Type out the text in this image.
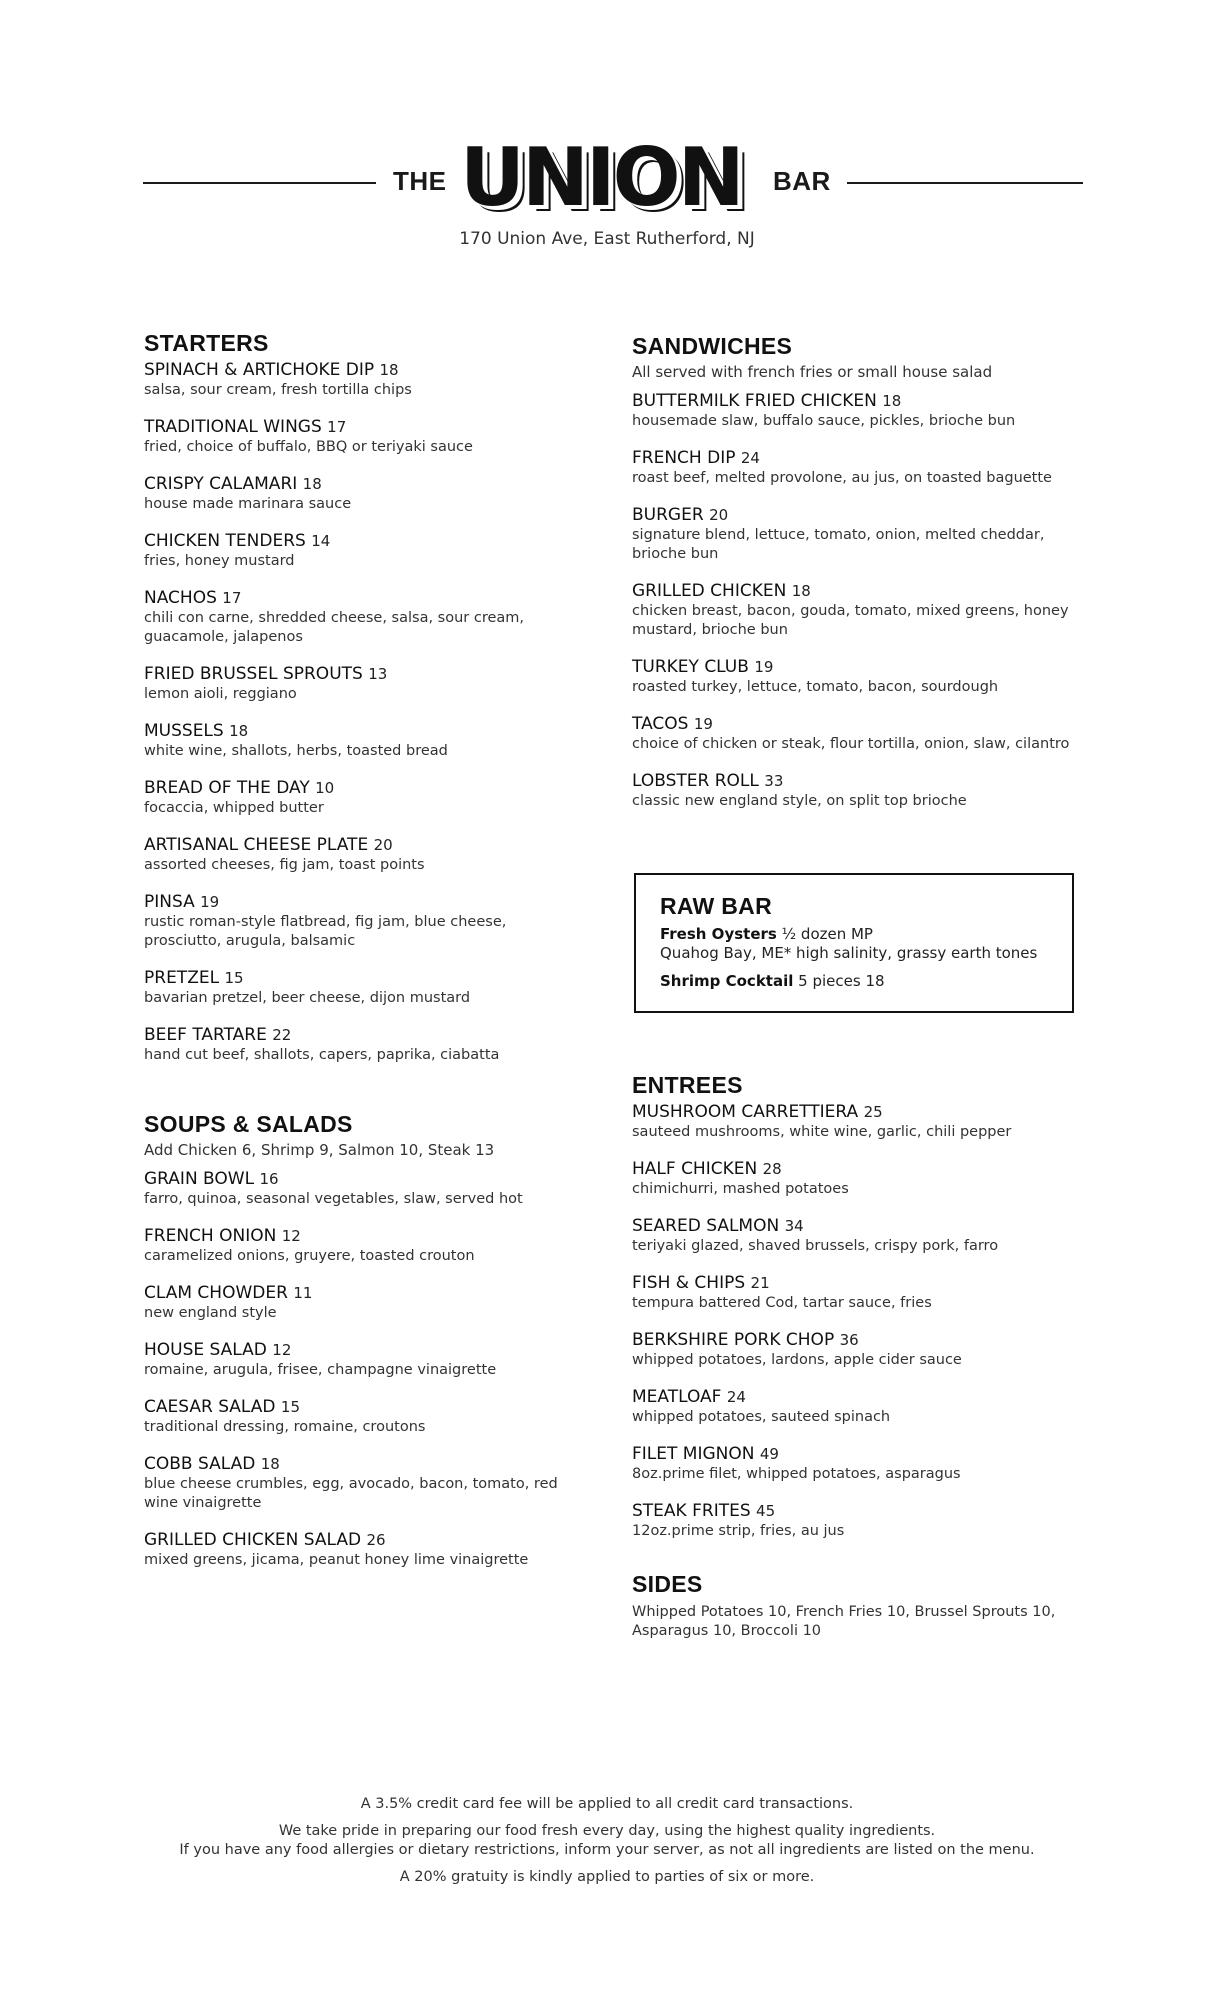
THE UNION	BAR
170 Union Ave, East Rutherford, NJ
STARTERS
SPINACH & ARTICHOKE DIP 18
salsa, sour cream, fresh tortilla chips
TRADITIONAL WINGS 17
fried, choice of buffalo, BBQ or teriyaki sauce
CRISPY CALAMARI 18
house made marinara sauce
CHICKEN TENDERS 14
fries, honey mustard
NACHOS 17
chili con carne, shredded cheese, salsa, sour cream, guacamole, jalapenos
FRIED BRUSSEL SPROUTS 13
lemon aioli, reggiano
MUSSELS 18
white wine, shallots, herbs, toasted bread
BREAD OF THE DAY 10
focaccia, whipped butter
ARTISANAL CHEESE PLATE 20
assorted cheeses, fig jam, toast points
PINSA 19
rustic roman-style flatbread, fig jam, blue cheese, prosciutto, arugula, balsamic
PRETZEL 15
bavarian pretzel, beer cheese, dijon mustard
BEEF TARTARE 22
hand cut beef, shallots, capers, paprika, ciabatta
SOUPS & SALADS
Add Chicken 6, Shrimp 9, Salmon 10, Steak 13
GRAIN BOWL 16
farro, quinoa, seasonal vegetables, slaw, served hot
FRENCH ONION 12
caramelized onions, gruyere, toasted crouton
CLAM CHOWDER 11
new england style
HOUSE SALAD 12
romaine, arugula, frisee, champagne vinaigrette
CAESAR SALAD 15
traditional dressing, romaine, croutons
COBB SALAD 18
blue cheese crumbles, egg, avocado, bacon, tomato, red wine vinaigrette
GRILLED CHICKEN SALAD 26
mixed greens, jicama, peanut honey lime vinaigrette
SANDWICHES
All served with french fries or small house salad
BUTTERMILK FRIED CHICKEN 18
housemade slaw, buffalo sauce, pickles, brioche bun
FRENCH DIP 24
roast beef, melted provolone, au jus, on toasted baguette
BURGER 20
signature blend, lettuce, tomato, onion, melted cheddar, brioche bun
GRILLED CHICKEN 18
chicken breast, bacon, gouda, tomato, mixed greens, honey mustard, brioche bun
TURKEY CLUB 19
roasted turkey, lettuce, tomato, bacon, sourdough
TACOS 19
choice of chicken or steak, flour tortilla, onion, slaw, cilantro
LOBSTER ROLL 33
classic new england style, on split top brioche
RAW BAR
Fresh Oysters ½ dozen MP
Quahog Bay, ME* high salinity, grassy earth tones
Shrimp Cocktail 5 pieces 18
ENTREES
MUSHROOM CARRETTIERA 25
sauteed mushrooms, white wine, garlic, chili pepper
HALF CHICKEN 28
chimichurri, mashed potatoes
SEARED SALMON 34
teriyaki glazed, shaved brussels, crispy pork, farro
FISH & CHIPS 21
tempura battered Cod, tartar sauce, fries
BERKSHIRE PORK CHOP 36
whipped potatoes, lardons, apple cider sauce
MEATLOAF 24
whipped potatoes, sauteed spinach
FILET MIGNON 49
8oz.prime filet, whipped potatoes, asparagus
STEAK FRITES 45
12oz.prime strip, fries, au jus
SIDES
Whipped Potatoes 10, French Fries 10, Brussel Sprouts 10, Asparagus 10, Broccoli 10

A 3.5% credit card fee will be applied to all credit card transactions.

We take pride in preparing our food fresh every day, using the highest quality ingredients.

If you have any food allergies or dietary restrictions, inform your server, as not all ingredients are listed on the menu.

A 20% gratuity is kindly applied to parties of six or more.
